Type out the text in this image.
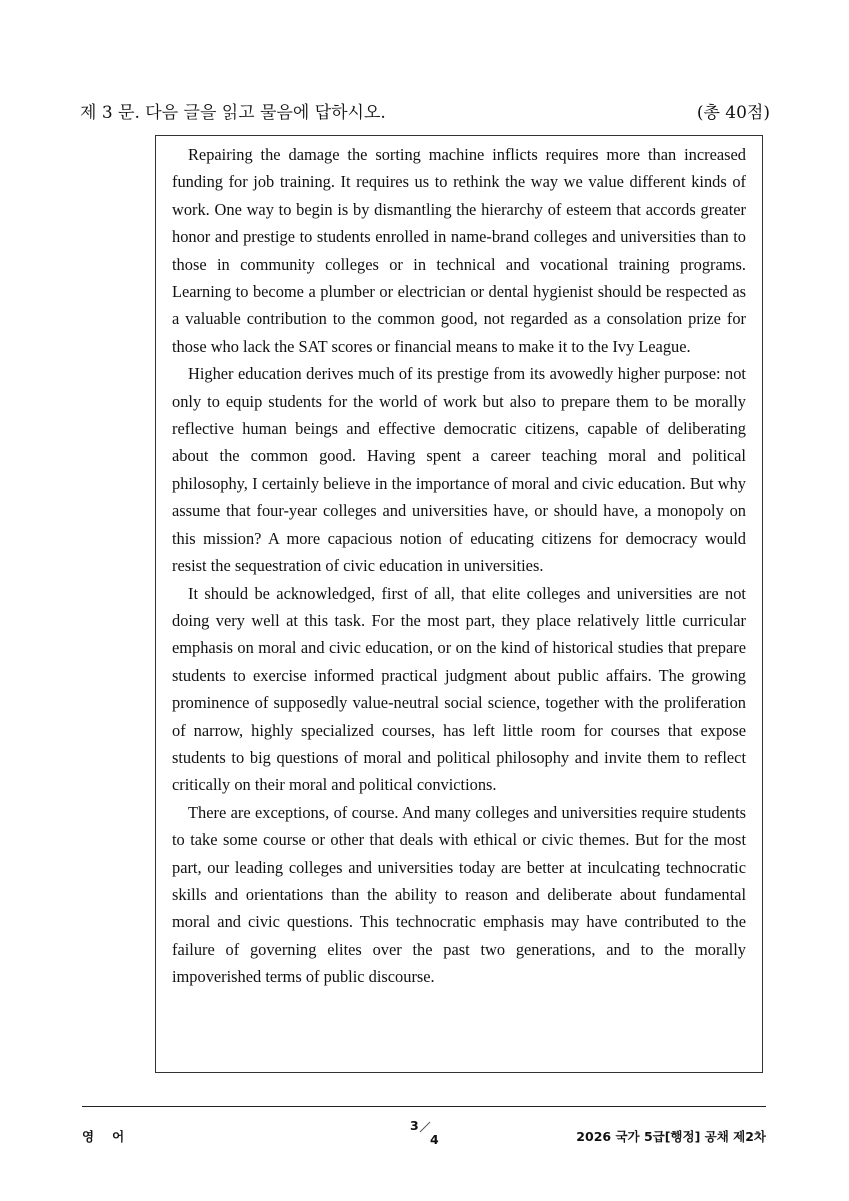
제 3 문. 다음 글을 읽고 물음에 답하시오.	(총 40점)

Repairing the damage the sorting machine inflicts requires more than increased funding for job training. It requires us to rethink the way we value different kinds of work. One way to begin is by dismantling the hierarchy of esteem that accords greater honor and prestige to students enrolled in name-brand colleges and universities than to those in community colleges or in technical and vocational training programs. Learning to become a plumber or electrician or dental hygienist should be respected as a valuable contribution to the common good, not regarded as a consolation prize for those who lack the SAT scores or financial means to make it to the Ivy League.

Higher education derives much of its prestige from its avowedly higher purpose: not only to equip students for the world of work but also to prepare them to be morally reflective human beings and effective democratic citizens, capable of deliberating about the common good. Having spent a career teaching moral and political philosophy, I certainly believe in the importance of moral and civic education. But why assume that four-year colleges and universities have, or should have, a monopoly on this mission? A more capacious notion of educating citizens for democracy would resist the sequestration of civic education in universities.

It should be acknowledged, first of all, that elite colleges and universities are not doing very well at this task. For the most part, they place relatively little curricular emphasis on moral and civic education, or on the kind of historical studies that prepare students to exercise informed practical judgment about public affairs. The growing prominence of supposedly value-neutral social science, together with the proliferation of narrow, highly specialized courses, has left little room for courses that expose students to big questions of moral and political philosophy and invite them to reflect critically on their moral and political convictions.

There are exceptions, of course. And many colleges and universities require students to take some course or other that deals with ethical or civic themes. But for the most part, our leading colleges and universities today are better at inculcating technocratic skills and orientations than the ability to reason and deliberate about fundamental moral and civic questions. This technocratic emphasis may have contributed to the failure of governing elites over the past two generations, and to the morally impoverished terms of public discourse.

영어
3
4	2026 국가 5급[행정] 공채 제2차
